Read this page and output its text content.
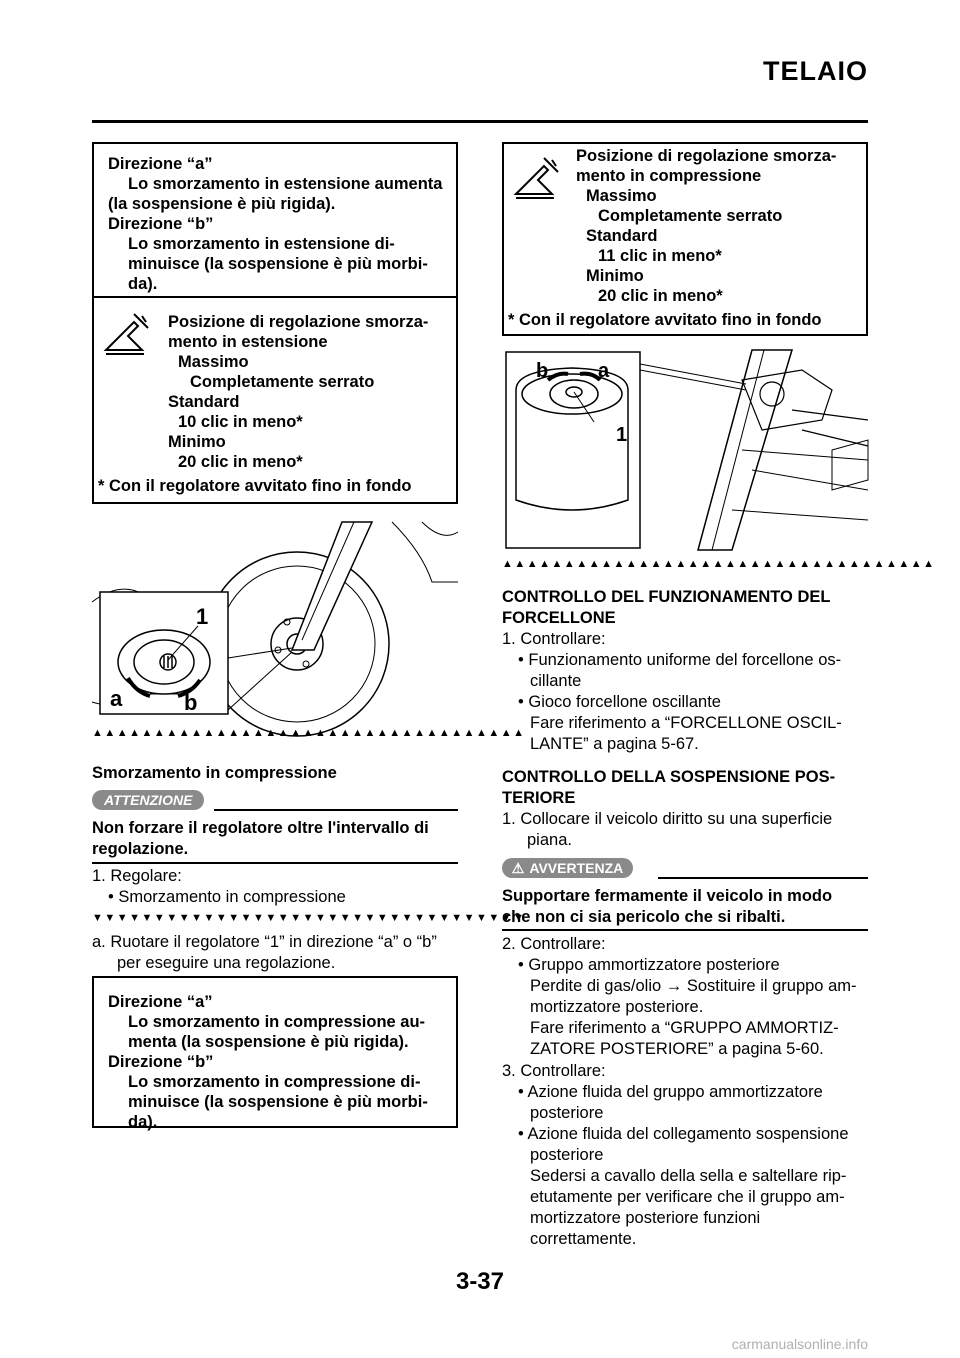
TELAIO
Direzione “a”
Lo smorzamento in estensione aumenta
(la sospensione è più rigida).
Direzione “b”
Lo smorzamento in estensione di-
minuisce (la sospensione è più morbi-
da).
Posizione di regolazione smorza-
mento in estensione
Massimo
Completamente serrato
Standard
10 clic in meno*
Minimo
20 clic in meno*
* Con il regolatore avvitato fino in fondo
1
a	b
▲▲▲▲▲▲▲▲▲▲▲▲▲▲▲▲▲▲▲▲▲▲▲▲▲▲▲▲▲▲▲▲▲▲▲
Smorzamento in compressione
ATTENZIONE
Non forzare il regolatore oltre l'intervallo di
regolazione.
1. Regolare:
• Smorzamento in compressione
▼▼▼▼▼▼▼▼▼▼▼▼▼▼▼▼▼▼▼▼▼▼▼▼▼▼▼▼▼▼▼▼▼▼▼
a. Ruotare il regolatore “1” in direzione “a” o “b”
per eseguire una regolazione.
Direzione “a”
Lo smorzamento in compressione au-
menta (la sospensione è più rigida).
Direzione “b”
Lo smorzamento in compressione di-
minuisce (la sospensione è più morbi-
da).
Posizione di regolazione smorza-
mento in compressione
Massimo
Completamente serrato
Standard
11 clic in meno*
Minimo
20 clic in meno*
* Con il regolatore avvitato fino in fondo
b a
1
▲▲▲▲▲▲▲▲▲▲▲▲▲▲▲▲▲▲▲▲▲▲▲▲▲▲▲▲▲▲▲▲▲▲▲
CONTROLLO DEL FUNZIONAMENTO DEL
FORCELLONE
1. Controllare:
• Funzionamento uniforme del forcellone os-
cillante
• Gioco forcellone oscillante
Fare riferimento a “FORCELLONE OSCIL-
LANTE” a pagina 5-67.
CONTROLLO DELLA SOSPENSIONE POS-
TERIORE
1. Collocare il veicolo diritto su una superficie
piana.
⚠ AVVERTENZA
Supportare fermamente il veicolo in modo
che non ci sia pericolo che si ribalti.
2. Controllare:
• Gruppo ammortizzatore posteriore
Perdite di gas/olio → Sostituire il gruppo am-
mortizzatore posteriore.
Fare riferimento a “GRUPPO AMMORTIZ-
ZATORE POSTERIORE” a pagina 5-60.
3. Controllare:
• Azione fluida del gruppo ammortizzatore
posteriore
• Azione fluida del collegamento sospensione
posteriore
Sedersi a cavallo della sella e saltellare rip-
etutamente per verificare che il gruppo am-
mortizzatore posteriore funzioni
correttamente.
3-37
carmanualsonline.info
